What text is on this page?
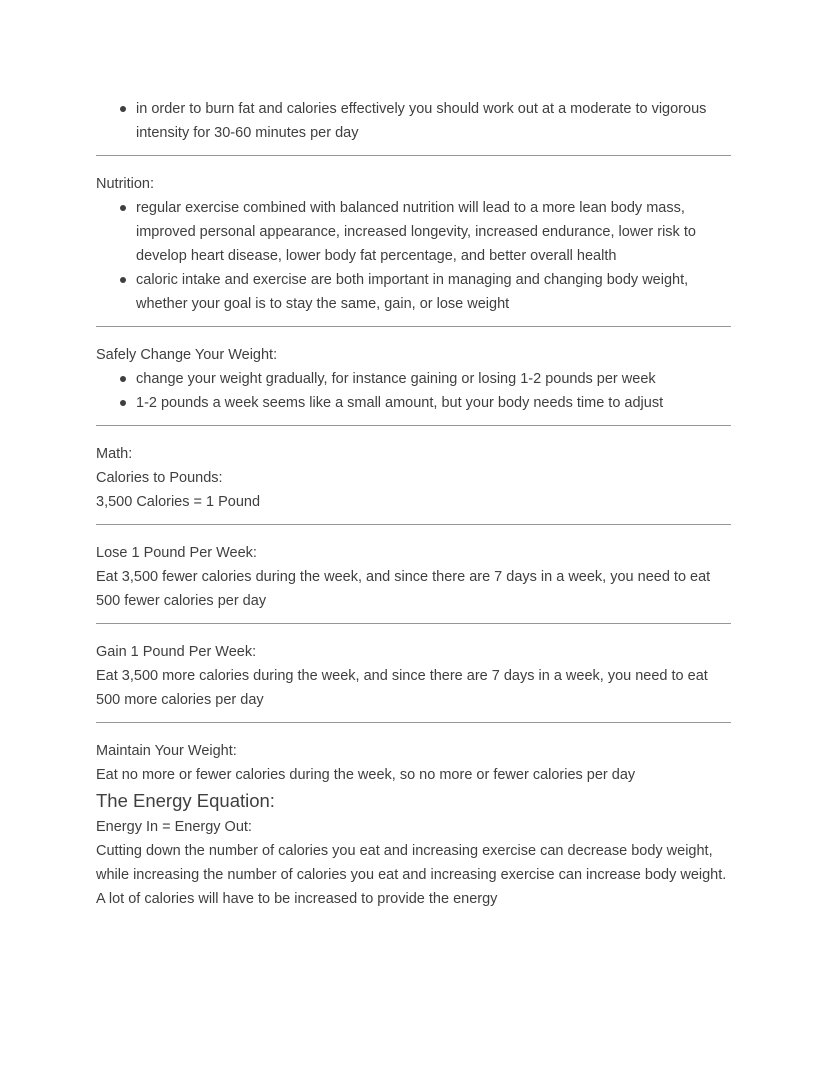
in order to burn fat and calories effectively you should work out at a moderate to vigorous intensity for 30-60 minutes per day

Nutrition:

regular exercise combined with balanced nutrition will lead to a more lean body mass, improved personal appearance, increased longevity, increased endurance, lower risk to develop heart disease, lower body fat percentage, and better overall health
caloric intake and exercise are both important in managing and changing body weight, whether your goal is to stay the same, gain, or lose weight

Safely Change Your Weight:

change your weight gradually, for instance gaining or losing 1-2 pounds per week
1-2 pounds a week seems like a small amount, but your body needs time to adjust

Math:

Calories to Pounds:

3,500 Calories = 1 Pound

Lose 1 Pound Per Week:

Eat 3,500 fewer calories during the week, and since there are 7 days in a week, you need to eat 500 fewer calories per day

Gain 1 Pound Per Week:

Eat 3,500 more calories during the week, and since there are 7 days in a week, you need to eat 500 more calories per day

Maintain Your Weight:

Eat no more or fewer calories during the week, so no more or fewer calories per day

The Energy Equation:

Energy In = Energy Out:

Cutting down the number of calories you eat and increasing exercise can decrease body weight, while increasing the number of calories you eat and increasing exercise can increase body weight. A lot of calories will have to be increased to provide the energy
